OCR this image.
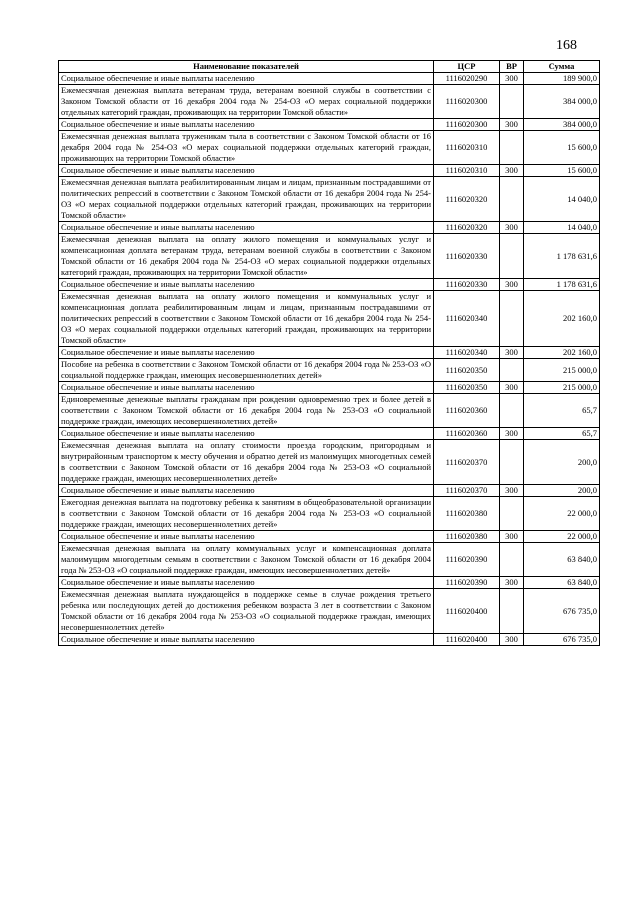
168
Наименование показателей	ЦСР	ВР	Сумма
Социальное обеспечение и иные выплаты населению	1116020290	300	189 900,0
Ежемесячная денежная выплата ветеранам труда, ветеранам военной службы в соответствии с Законом Томской области от 16 декабря 2004 года № 254-ОЗ «О мерах социальной поддержки отдельных категорий граждан, проживающих на территории Томской области»	1116020300		384 000,0
Социальное обеспечение и иные выплаты населению	1116020300	300	384 000,0
Ежемесячная денежная выплата труженикам тыла в соответствии с Законом Томской области от 16 декабря 2004 года № 254-ОЗ «О мерах социальной поддержки отдельных категорий граждан, проживающих на территории Томской области»	1116020310		15 600,0
Социальное обеспечение и иные выплаты населению	1116020310	300	15 600,0
Ежемесячная денежная выплата реабилитированным лицам и лицам, признанным пострадавшими от политических репрессий в соответствии с Законом Томской области от 16 декабря 2004 года № 254-ОЗ «О мерах социальной поддержки отдельных категорий граждан, проживающих на территории Томской области»	1116020320		14 040,0
Социальное обеспечение и иные выплаты населению	1116020320	300	14 040,0
Ежемесячная денежная выплата на оплату жилого помещения и коммунальных услуг и компенсационная доплата ветеранам труда, ветеранам военной службы в соответствии с Законом Томской области от 16 декабря 2004 года № 254-ОЗ «О мерах социальной поддержки отдельных категорий граждан, проживающих на территории Томской области»	1116020330		1 178 631,6
Социальное обеспечение и иные выплаты населению	1116020330	300	1 178 631,6
Ежемесячная денежная выплата на оплату жилого помещения и коммунальных услуг и компенсационная доплата реабилитированным лицам и лицам, признанным пострадавшими от политических репрессий в соответствии с Законом Томской области от 16 декабря 2004 года № 254-ОЗ «О мерах социальной поддержки отдельных категорий граждан, проживающих на территории Томской области»	1116020340		202 160,0
Социальное обеспечение и иные выплаты населению	1116020340	300	202 160,0
Пособие на ребенка в соответствии с Законом Томской области от 16 декабря 2004 года № 253-ОЗ «О социальной поддержке граждан, имеющих несовершеннолетних детей»	1116020350		215 000,0
Социальное обеспечение и иные выплаты населению	1116020350	300	215 000,0
Единовременные денежные выплаты гражданам при рождении одновременно трех и более детей в соответствии с Законом Томской области от 16 декабря 2004 года № 253-ОЗ «О социальной поддержке граждан, имеющих несовершеннолетних детей»	1116020360		65,7
Социальное обеспечение и иные выплаты населению	1116020360	300	65,7
Ежемесячная денежная выплата на оплату стоимости проезда городским, пригородным и внутрирайонным транспортом к месту обучения и обратно детей из малоимущих многодетных семей в соответствии с Законом Томской области от 16 декабря 2004 года № 253-ОЗ «О социальной поддержке граждан, имеющих несовершеннолетних детей»	1116020370		200,0
Социальное обеспечение и иные выплаты населению	1116020370	300	200,0
Ежегодная денежная выплата на подготовку ребенка к занятиям в общеобразовательной организации в соответствии с Законом Томской области от 16 декабря 2004 года № 253-ОЗ «О социальной поддержке граждан, имеющих несовершеннолетних детей»	1116020380		22 000,0
Социальное обеспечение и иные выплаты населению	1116020380	300	22 000,0
Ежемесячная денежная выплата на оплату коммунальных услуг и компенсационная доплата малоимущим многодетным семьям в соответствии с Законом Томской области от 16 декабря 2004 года № 253-ОЗ «О социальной поддержке граждан, имеющих несовершеннолетних детей»	1116020390		63 840,0
Социальное обеспечение и иные выплаты населению	1116020390	300	63 840,0
Ежемесячная денежная выплата нуждающейся в поддержке семье в случае рождения третьего ребенка или последующих детей до достижения ребенком возраста 3 лет в соответствии с Законом Томской области от 16 декабря 2004 года № 253-ОЗ «О социальной поддержке граждан, имеющих несовершеннолетних детей»	1116020400		676 735,0
Социальное обеспечение и иные выплаты населению	1116020400	300	676 735,0
